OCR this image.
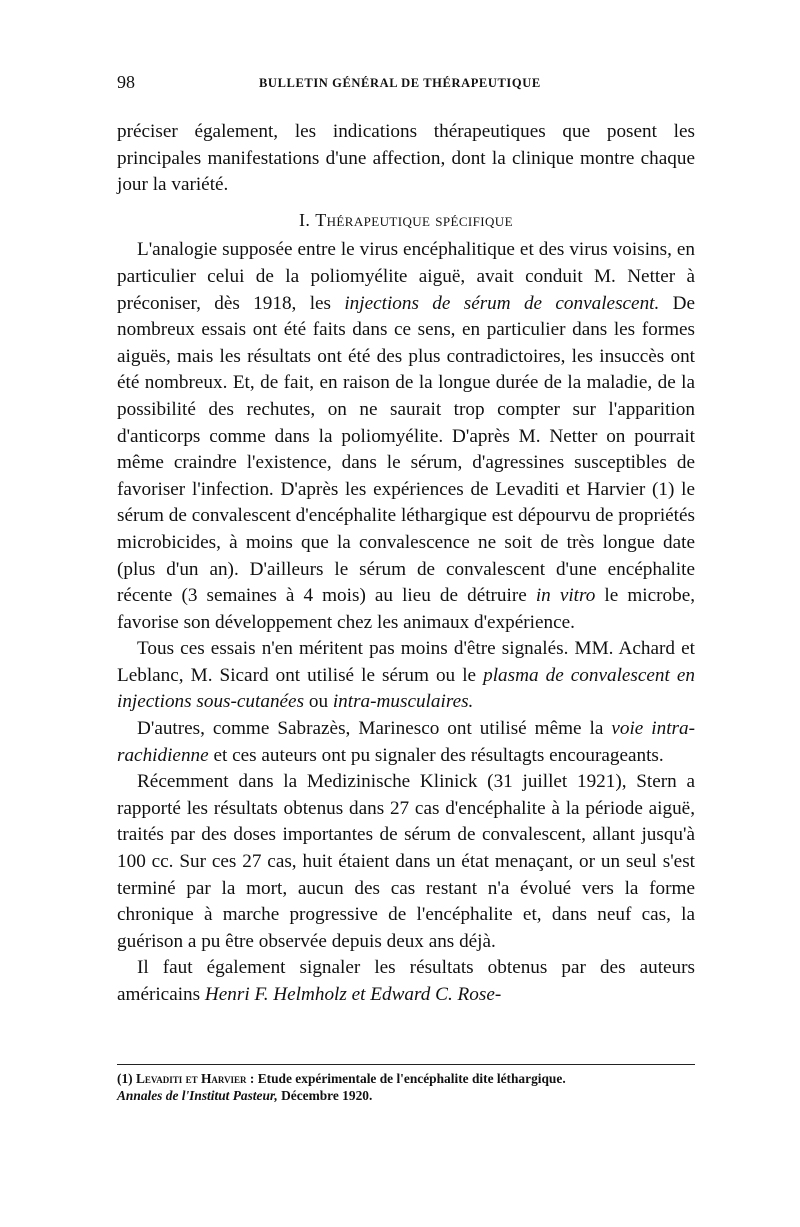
98	BULLETIN GÉNÉRAL DE THÉRAPEUTIQUE

préciser également, les indications thérapeutiques que posent les principales manifestations d'une affection, dont la clinique montre chaque jour la variété.

I. Thérapeutique spécifique

L'analogie supposée entre le virus encéphalitique et des virus voisins, en particulier celui de la poliomyélite aiguë, avait conduit M. Netter à préconiser, dès 1918, les injections de sérum de convalescent. De nombreux essais ont été faits dans ce sens, en particulier dans les formes aiguës, mais les résultats ont été des plus contradictoires, les insuccès ont été nombreux. Et, de fait, en raison de la longue durée de la maladie, de la possibilité des rechutes, on ne saurait trop compter sur l'apparition d'anticorps comme dans la poliomyélite. D'après M. Netter on pourrait même craindre l'existence, dans le sérum, d'agressines susceptibles de favoriser l'infection. D'après les expériences de Levaditi et Harvier (1) le sérum de convalescent d'encéphalite léthargique est dépourvu de propriétés microbicides, à moins que la convalescence ne soit de très longue date (plus d'un an). D'ailleurs le sérum de convalescent d'une encéphalite récente (3 semaines à 4 mois) au lieu de détruire in vitro le microbe, favorise son développement chez les animaux d'expérience.

Tous ces essais n'en méritent pas moins d'être signalés. MM. Achard et Leblanc, M. Sicard ont utilisé le sérum ou le plasma de convalescent en injections sous-cutanées ou intra-musculaires.

D'autres, comme Sabrazès, Marinesco ont utilisé même la voie intra-rachidienne et ces auteurs ont pu signaler des résultagts encourageants.

Récemment dans la Medizinische Klinick (31 juillet 1921), Stern a rapporté les résultats obtenus dans 27 cas d'encéphalite à la période aiguë, traités par des doses importantes de sérum de convalescent, allant jusqu'à 100 cc. Sur ces 27 cas, huit étaient dans un état menaçant, or un seul s'est terminé par la mort, aucun des cas restant n'a évolué vers la forme chronique à marche progressive de l'encéphalite et, dans neuf cas, la guérison a pu être observée depuis deux ans déjà.

Il faut également signaler les résultats obtenus par des auteurs américains Henri F. Helmholz et Edward C. Rose-

(1) Levaditi et Harvier : Etude expérimentale de l'encéphalite dite léthargique.

Annales de l'Institut Pasteur, Décembre 1920.
